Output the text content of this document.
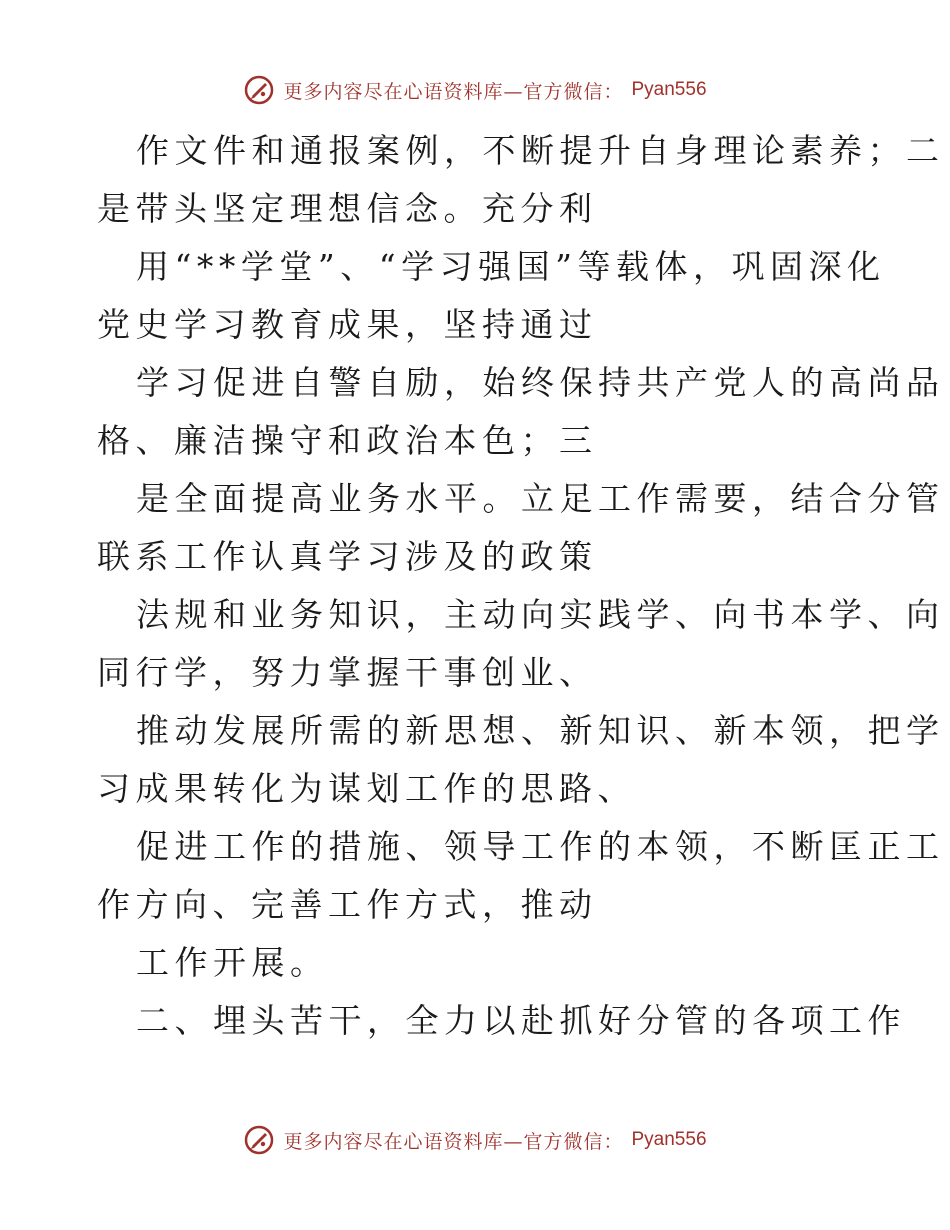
更多内容尽在心语资料库—官方微信： Pyan556
作文件和通报案例，不断提升自身理论素养；二
是带头坚定理想信念。充分利
用“**学堂”、“学习强国”等载体，巩固深化
党史学习教育成果，坚持通过
学习促进自警自励，始终保持共产党人的高尚品
格、廉洁操守和政治本色；三
是全面提高业务水平。立足工作需要，结合分管
联系工作认真学习涉及的政策
法规和业务知识，主动向实践学、向书本学、向
同行学，努力掌握干事创业、
推动发展所需的新思想、新知识、新本领，把学
习成果转化为谋划工作的思路、
促进工作的措施、领导工作的本领，不断匡正工
作方向、完善工作方式，推动
工作开展。
二、埋头苦干，全力以赴抓好分管的各项工作
更多内容尽在心语资料库—官方微信： Pyan556
